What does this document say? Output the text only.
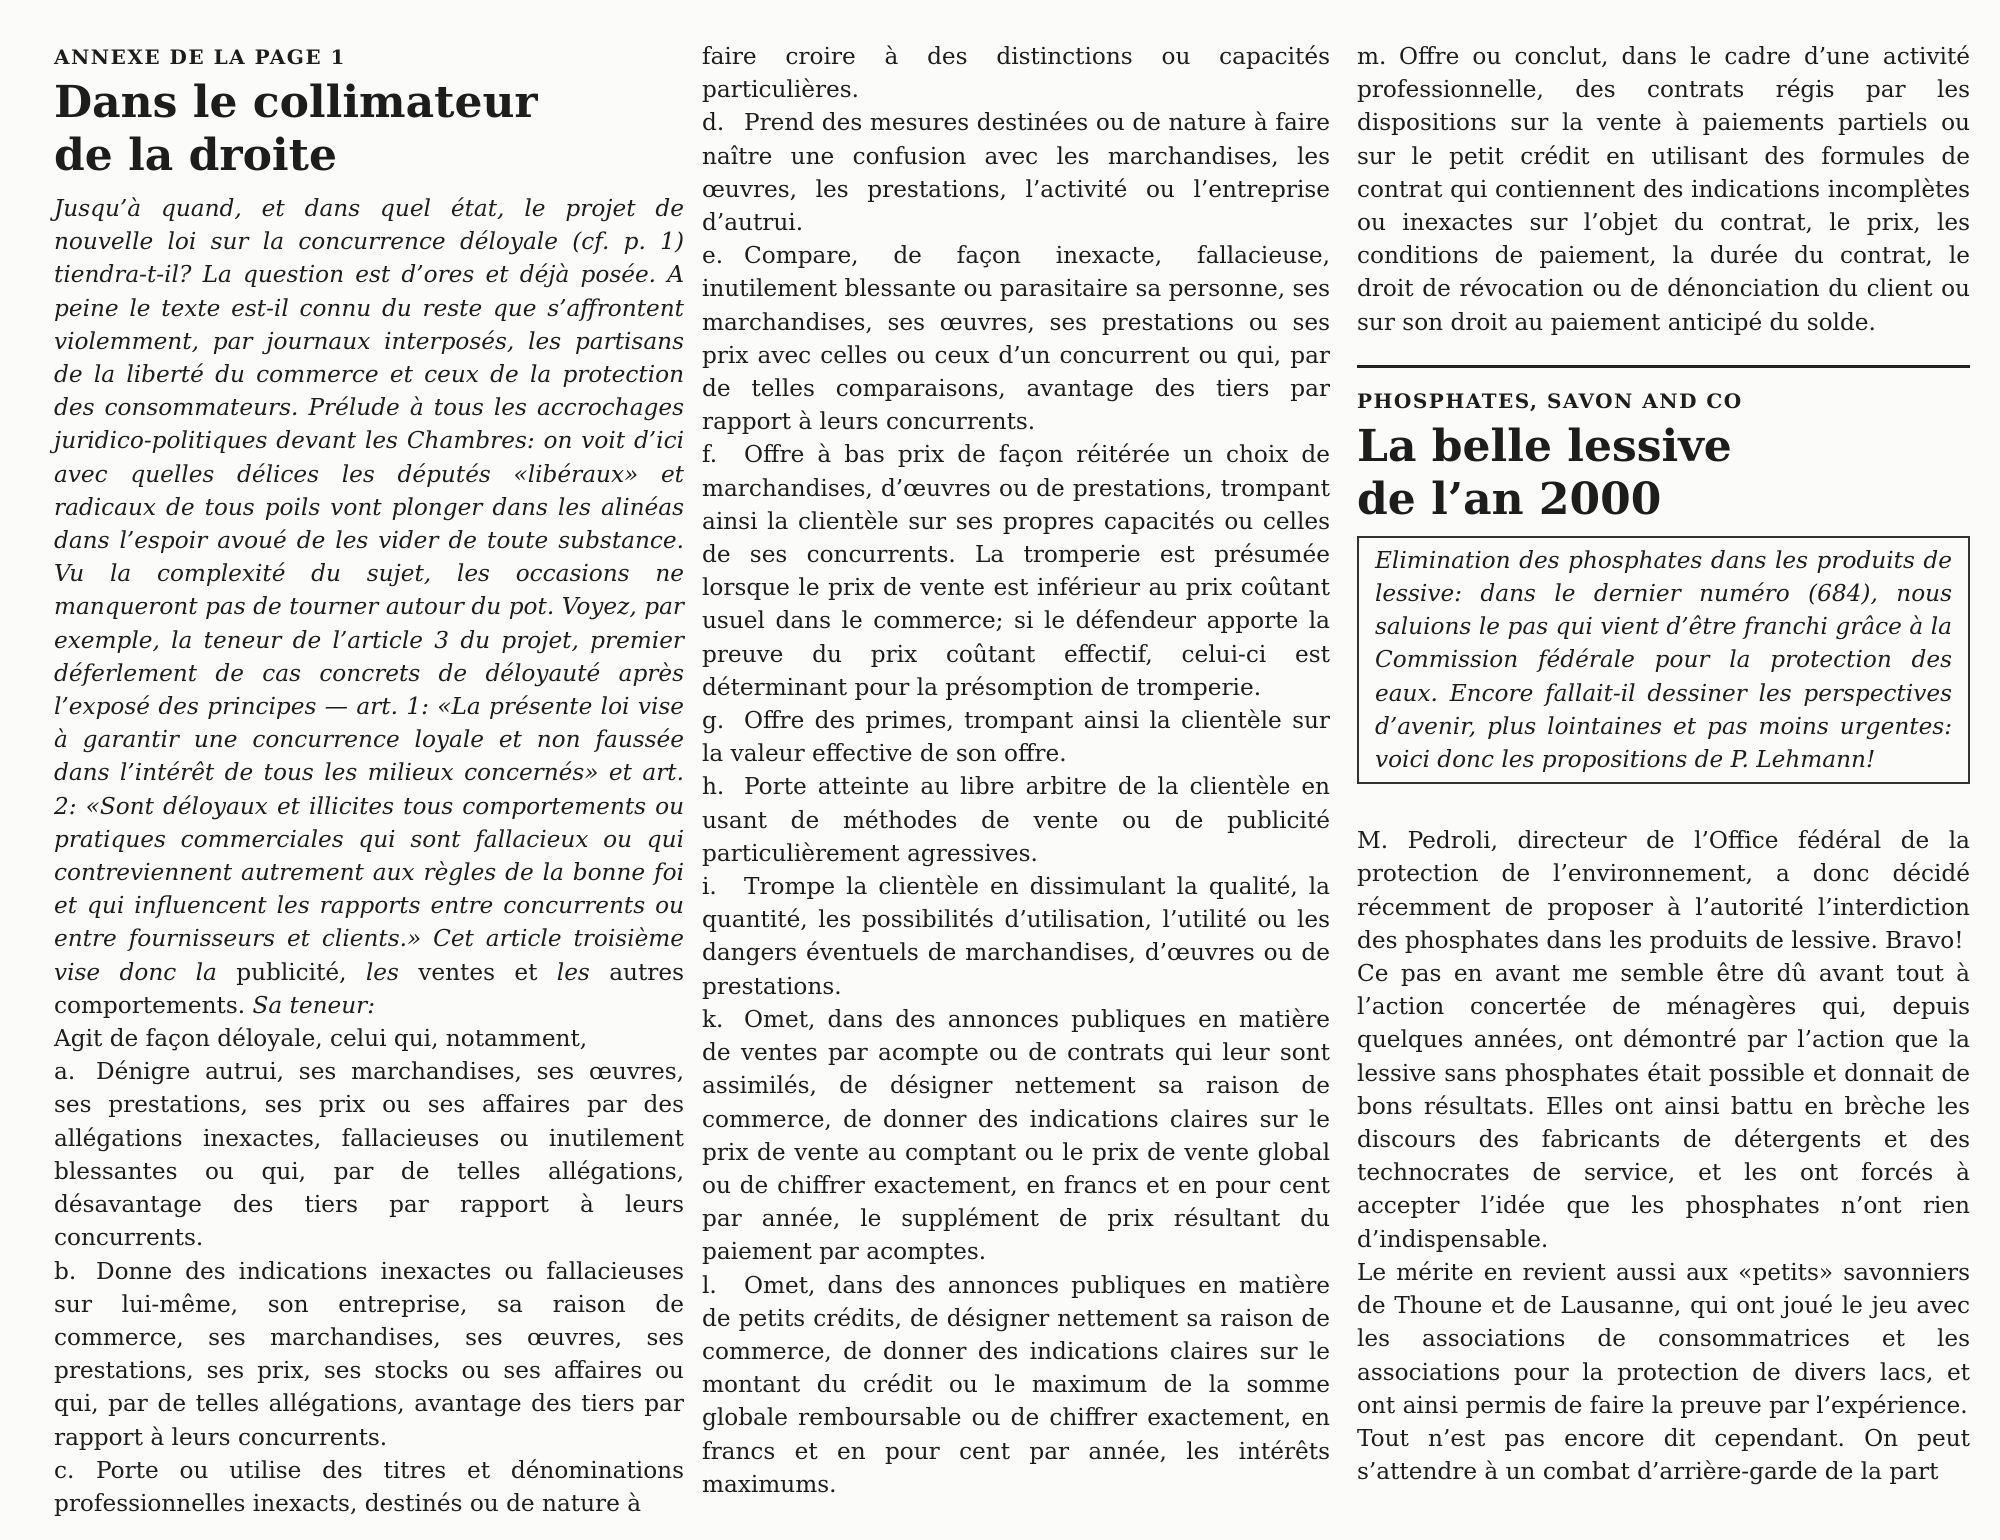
ANNEXE DE LA PAGE 1
Dans le collimateur
de la droite

Jusqu’à quand, et dans quel état, le projet de nouvelle loi sur la concurrence déloyale (cf. p. 1) tiendra-t-il? La question est d’ores et déjà posée. A peine le texte est-il connu du reste que s’affrontent violemment, par journaux interposés, les partisans de la liberté du commerce et ceux de la protection des consommateurs. Prélude à tous les accrochages juridico-politiques devant les Chambres: on voit d’ici avec quelles délices les députés «libéraux» et radicaux de tous poils vont plonger dans les alinéas dans l’espoir avoué de les vider de toute substance. Vu la complexité du sujet, les occasions ne manqueront pas de tourner autour du pot. Voyez, par exemple, la teneur de l’article 3 du projet, premier déferlement de cas concrets de déloyauté après l’exposé des principes — art. 1: «La présente loi vise à garantir une concurrence loyale et non faussée dans l’intérêt de tous les milieux concernés» et art. 2: «Sont déloyaux et illicites tous comportements ou pratiques commerciales qui sont fallacieux ou qui contreviennent autrement aux règles de la bonne foi et qui influencent les rapports entre concurrents ou entre fournisseurs et clients.» Cet article troisième vise donc la publicité, les ventes et les autres comportements. Sa teneur:

Agit de façon déloyale, celui qui, notamment,

a. Dénigre autrui, ses marchandises, ses œuvres, ses prestations, ses prix ou ses affaires par des allégations inexactes, fallacieuses ou inutilement blessantes ou qui, par de telles allégations, désavantage des tiers par rapport à leurs concurrents.

b. Donne des indications inexactes ou fallacieuses sur lui-même, son entreprise, sa raison de commerce, ses marchandises, ses œuvres, ses prestations, ses prix, ses stocks ou ses affaires ou qui, par de telles allégations, avantage des tiers par rapport à leurs concurrents.

c. Porte ou utilise des titres et dénominations professionnelles inexacts, destinés ou de nature à

faire croire à des distinctions ou capacités particulières.

d. Prend des mesures destinées ou de nature à faire naître une confusion avec les marchandises, les œuvres, les prestations, l’activité ou l’entreprise d’autrui.

e. Compare, de façon inexacte, fallacieuse, inutilement blessante ou parasitaire sa personne, ses marchandises, ses œuvres, ses prestations ou ses prix avec celles ou ceux d’un concurrent ou qui, par de telles comparaisons, avantage des tiers par rapport à leurs concurrents.

f. Offre à bas prix de façon réitérée un choix de marchandises, d’œuvres ou de prestations, trompant ainsi la clientèle sur ses propres capacités ou celles de ses concurrents. La tromperie est présumée lorsque le prix de vente est inférieur au prix coûtant usuel dans le commerce; si le défendeur apporte la preuve du prix coûtant effectif, celui-ci est déterminant pour la présomption de tromperie.

g. Offre des primes, trompant ainsi la clientèle sur la valeur effective de son offre.

h. Porte atteinte au libre arbitre de la clientèle en usant de méthodes de vente ou de publicité particulièrement agressives.

i. Trompe la clientèle en dissimulant la qualité, la quantité, les possibilités d’utilisation, l’utilité ou les dangers éventuels de marchandises, d’œuvres ou de prestations.

k. Omet, dans des annonces publiques en matière de ventes par acompte ou de contrats qui leur sont assimilés, de désigner nettement sa raison de commerce, de donner des indications claires sur le prix de vente au comptant ou le prix de vente global ou de chiffrer exactement, en francs et en pour cent par année, le supplément de prix résultant du paiement par acomptes.

l. Omet, dans des annonces publiques en matière de petits crédits, de désigner nettement sa raison de commerce, de donner des indications claires sur le montant du crédit ou le maximum de la somme globale remboursable ou de chiffrer exactement, en francs et en pour cent par année, les intérêts maximums.

m. Offre ou conclut, dans le cadre d’une activité professionnelle, des contrats régis par les dispositions sur la vente à paiements partiels ou sur le petit crédit en utilisant des formules de contrat qui contiennent des indications incomplètes ou inexactes sur l’objet du contrat, le prix, les conditions de paiement, la durée du contrat, le droit de révocation ou de dénonciation du client ou sur son droit au paiement anticipé du solde.

PHOSPHATES, SAVON AND CO
La belle lessive
de l’an 2000
Elimination des phosphates dans les produits de lessive: dans le dernier numéro (684), nous saluions le pas qui vient d’être franchi grâce à la Commission fédérale pour la protection des eaux. Encore fallait-il dessiner les perspectives d’avenir, plus lointaines et pas moins urgentes: voici donc les propositions de P. Lehmann!

M. Pedroli, directeur de l’Office fédéral de la protection de l’environnement, a donc décidé récemment de proposer à l’autorité l’interdiction des phosphates dans les produits de lessive. Bravo!

Ce pas en avant me semble être dû avant tout à l’action concertée de ménagères qui, depuis quelques années, ont démontré par l’action que la lessive sans phosphates était possible et donnait de bons résultats. Elles ont ainsi battu en brèche les discours des fabricants de détergents et des technocrates de service, et les ont forcés à accepter l’idée que les phosphates n’ont rien d’indispensable.

Le mérite en revient aussi aux «petits» savonniers de Thoune et de Lausanne, qui ont joué le jeu avec les associations de consommatrices et les associations pour la protection de divers lacs, et ont ainsi permis de faire la preuve par l’expérience.

Tout n’est pas encore dit cependant. On peut s’attendre à un combat d’arrière-garde de la part
